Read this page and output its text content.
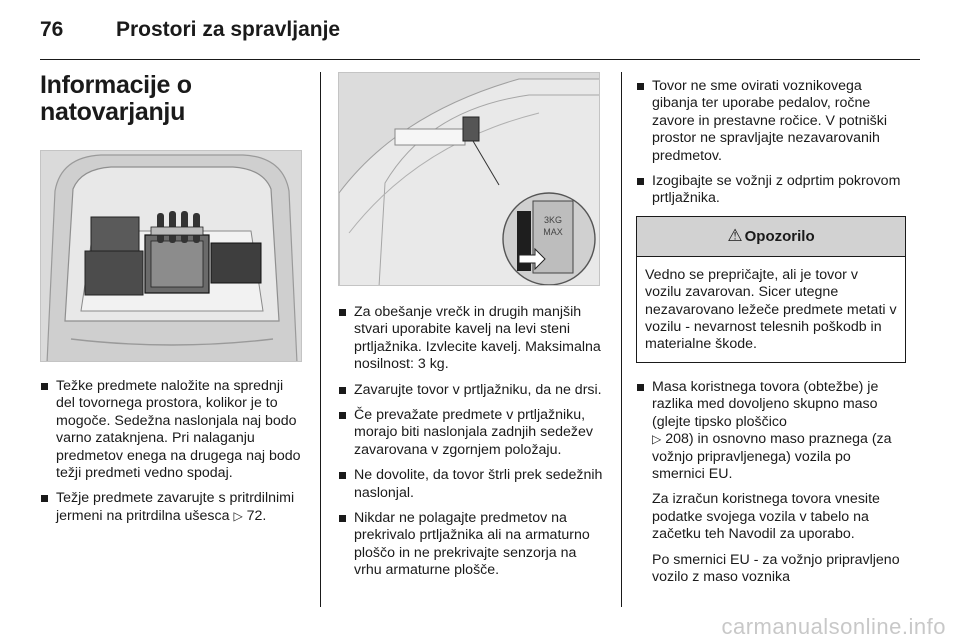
76	Prostori za spravljanje
Informacije o
natovarjanju

Težke predmete naložite na sprednji del tovornega prostora, kolikor je to mogoče. Sedežna naslonjala naj bodo varno zataknjena. Pri nalaganju predmetov enega na drugega naj bodo težji predmeti vedno spodaj.

Težje predmete zavarujte s pritrdilnimi jermeni na pritrdilna ušesca ▷ 72.

3KG
MAX

Za obešanje vrečk in drugih manjših stvari uporabite kavelj na levi steni prtljažnika. Izvlecite kavelj. Maksimalna nosilnost: 3 kg.

Zavarujte tovor v prtljažniku, da ne drsi.

Če prevažate predmete v prtljažniku, morajo biti naslonjala zadnjih sedežev zavarovana v zgornjem položaju.

Ne dovolite, da tovor štrli prek sedežnih naslonjal.

Nikdar ne polagajte predmetov na prekrivalo prtljažnika ali na armaturno ploščo in ne prekrivajte senzorja na vrhu armaturne plošče.

Tovor ne sme ovirati voznikovega gibanja ter uporabe pedalov, ročne zavore in prestavne ročice. V potniški prostor ne spravljajte nezavarovanih predmetov.

Izogibajte se vožnji z odprtim pokrovom prtljažnika.

⚠ Opozorilo
Vedno se prepričajte, ali je tovor v vozilu zavarovan. Sicer utegne nezavarovano ležeče predmete metati v vozilu - nevarnost telesnih poškodb in materialne škode.

Masa koristnega tovora (obtežbe) je razlika med dovoljeno skupno maso (glejte tipsko ploščico
▷ 208) in osnovno maso praznega (za vožnjo pripravljenega) vozila po smernici EU.

Za izračun koristnega tovora vnesite podatke svojega vozila v tabelo na začetku teh Navodil za uporabo.

Po smernici EU - za vožnjo pripravljeno vozilo z maso voznika

carmanualsonline.info
